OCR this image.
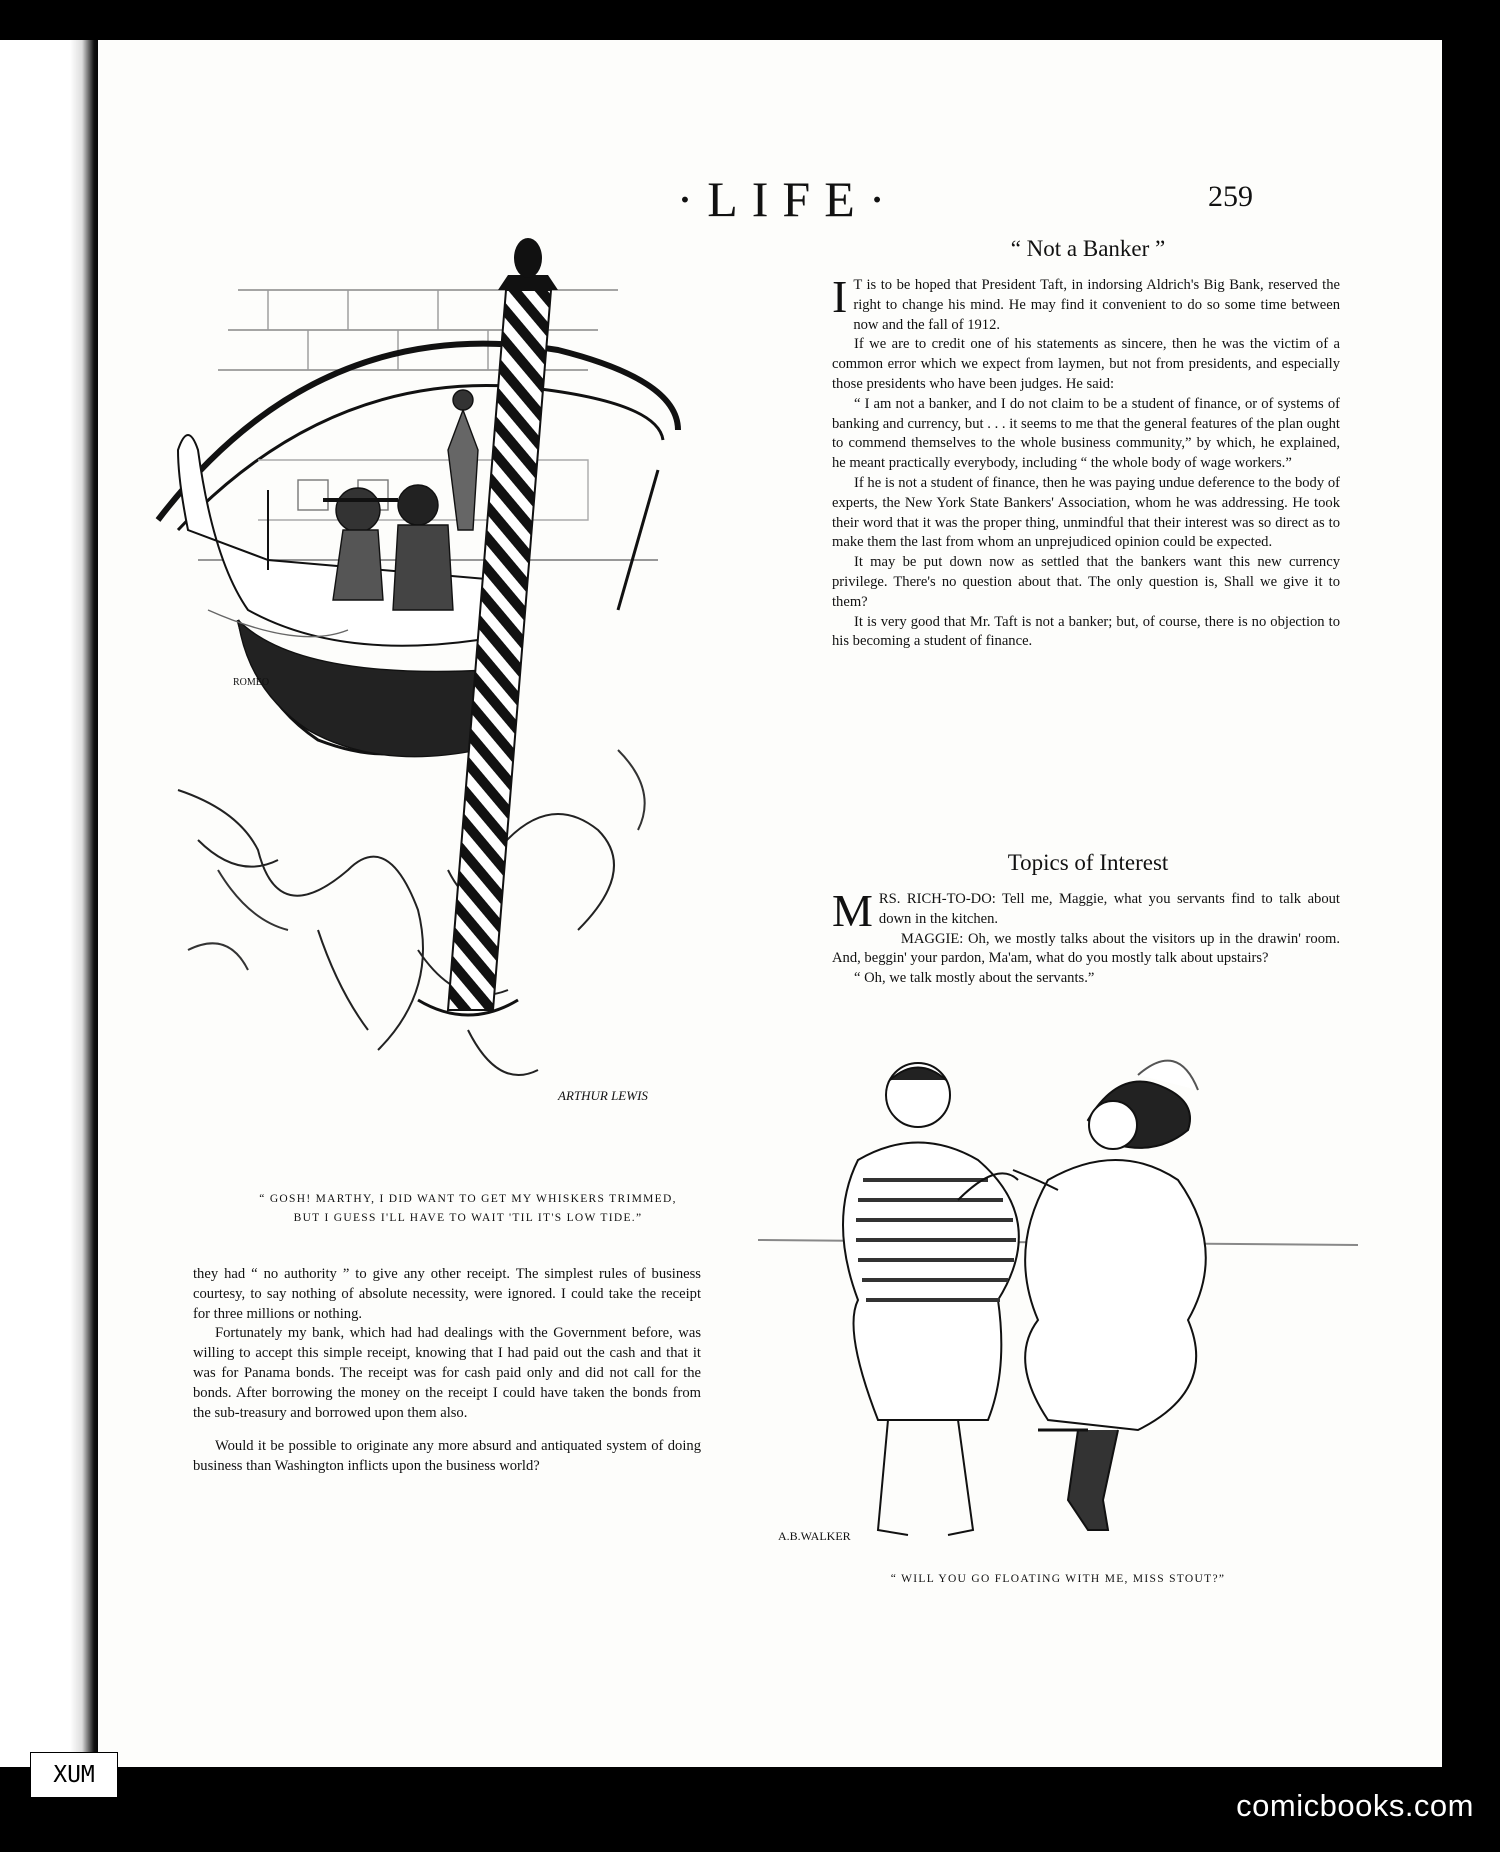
·LIFE·	259
ROMEO
ARTHUR LEWIS
“ GOSH! MARTHY, I DID WANT TO GET MY WHISKERS TRIMMED,
BUT I GUESS I'LL HAVE TO WAIT 'TIL IT'S LOW TIDE.”
“ Not a Banker ”
I T is to be hoped that President Taft, in indorsing Aldrich's Big Bank, reserved the right to change his mind. He may find it convenient to do so some time between now and the fall of 1912.

If we are to credit one of his statements as sincere, then he was the victim of a common error which we expect from laymen, but not from presidents, and especially those presidents who have been judges. He said:

“ I am not a banker, and I do not claim to be a student of finance, or of systems of banking and currency, but . . . it seems to me that the general features of the plan ought to commend themselves to the whole business community,” by which, he explained, he meant practically everybody, including “ the whole body of wage workers.”

If he is not a student of finance, then he was paying undue deference to the body of experts, the New York State Bankers' Association, whom he was addressing. He took their word that it was the proper thing, unmindful that their interest was so direct as to make them the last from whom an unprejudiced opinion could be expected.

It may be put down now as settled that the bankers want this new currency privilege. There's no question about that. The only question is, Shall we give it to them?

It is very good that Mr. Taft is not a banker; but, of course, there is no objection to his becoming a student of finance.

Topics of Interest
M RS. RICH-TO-DO: Tell me, Maggie, what you servants find to talk about down in the kitchen.

MAGGIE: Oh, we mostly talks about the visitors up in the drawin' room. And, beggin' your pardon, Ma'am, what do you mostly talk about upstairs?

“ Oh, we talk mostly about the servants.”

A.B.WALKER
“ WILL YOU GO FLOATING WITH ME, MISS STOUT?”

they had “ no authority ” to give any other receipt. The simplest rules of business courtesy, to say nothing of absolute necessity, were ignored. I could take the receipt for three millions or nothing.

Fortunately my bank, which had had dealings with the Government before, was willing to accept this simple receipt, knowing that I had paid out the cash and that it was for Panama bonds. The receipt was for cash paid only and did not call for the bonds. After borrowing the money on the receipt I could have taken the bonds from the sub-treasury and borrowed upon them also.

Would it be possible to originate any more absurd and antiquated system of doing business than Washington inflicts upon the business world?

XUM
comicbooks.com
